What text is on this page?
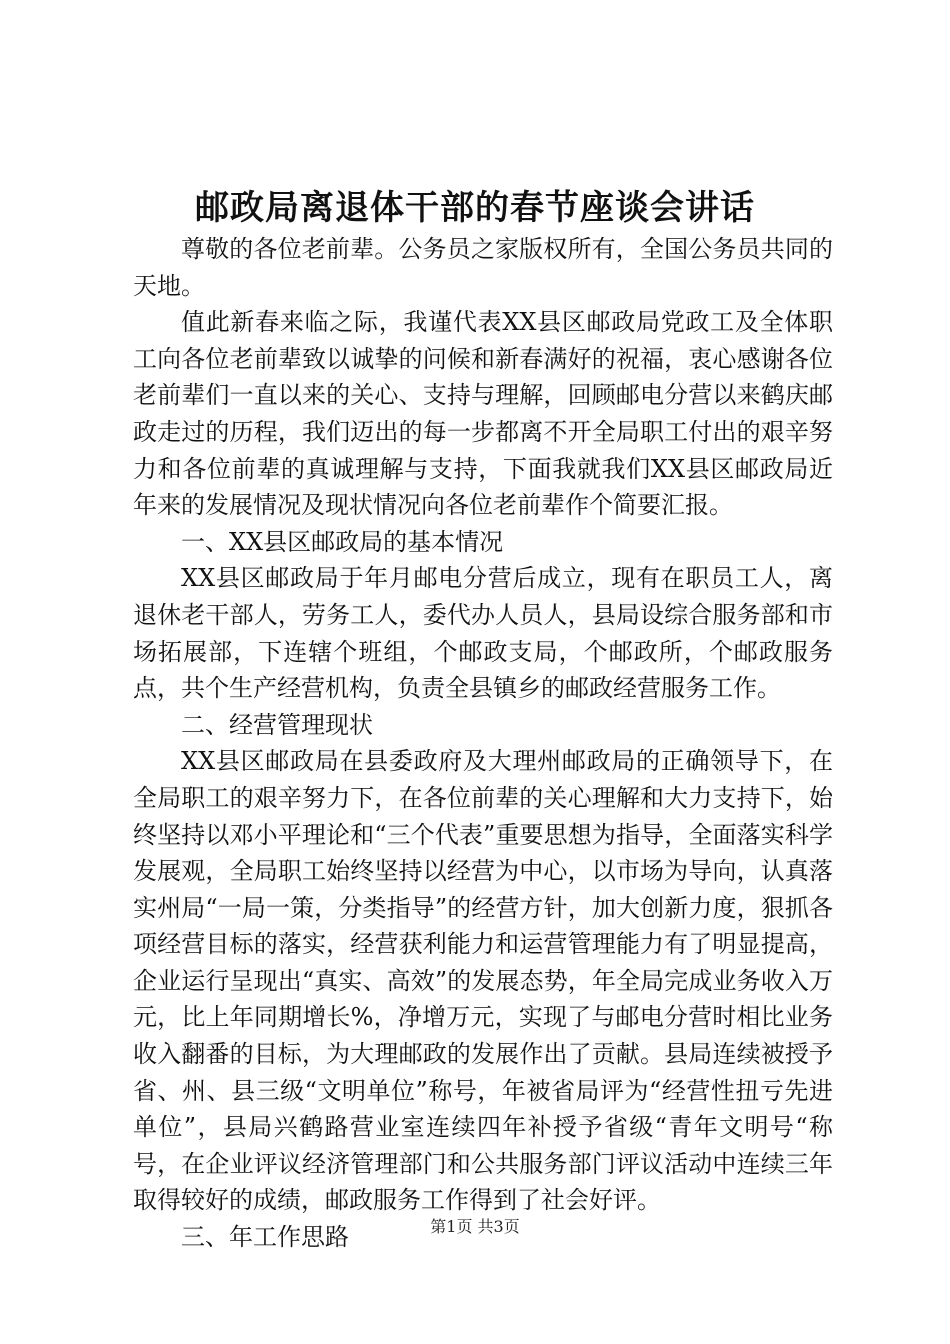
邮政局离退体干部的春节座谈会讲话

尊敬的各位老前辈。公务员之家版权所有，全国公务员共同的天地。

值此新春来临之际，我谨代表XX县区邮政局党政工及全体职工向各位老前辈致以诚挚的问候和新春满好的祝福，衷心感谢各位老前辈们一直以来的关心、支持与理解，回顾邮电分营以来鹤庆邮政走过的历程，我们迈出的每一步都离不开全局职工付出的艰辛努力和各位前辈的真诚理解与支持，下面我就我们XX县区邮政局近年来的发展情况及现状情况向各位老前辈作个简要汇报。

一、XX县区邮政局的基本情况

XX县区邮政局于年月邮电分营后成立，现有在职员工人，离退休老干部人，劳务工人，委代办人员人，县局设综合服务部和市场拓展部，下连辖个班组，个邮政支局，个邮政所，个邮政服务点，共个生产经营机构，负责全县镇乡的邮政经营服务工作。

二、经营管理现状

XX县区邮政局在县委政府及大理州邮政局的正确领导下，在全局职工的艰辛努力下，在各位前辈的关心理解和大力支持下，始终坚持以邓小平理论和“三个代表”重要思想为指导，全面落实科学发展观，全局职工始终坚持以经营为中心，以市场为导向，认真落实州局“一局一策，分类指导”的经营方针，加大创新力度，狠抓各项经营目标的落实，经营获利能力和运营管理能力有了明显提高，企业运行呈现出“真实、高效”的发展态势，年全局完成业务收入万元，比上年同期增长%，净增万元，实现了与邮电分营时相比业务收入翻番的目标，为大理邮政的发展作出了贡献。县局连续被授予省、州、县三级“文明单位”称号，年被省局评为“经营性扭亏先进单位”，县局兴鹤路营业室连续四年补授予省级“青年文明号“称号，在企业评议经济管理部门和公共服务部门评议活动中连续三年取得较好的成绩，邮政服务工作得到了社会好评。

三、年工作思路	第1页 共3页
